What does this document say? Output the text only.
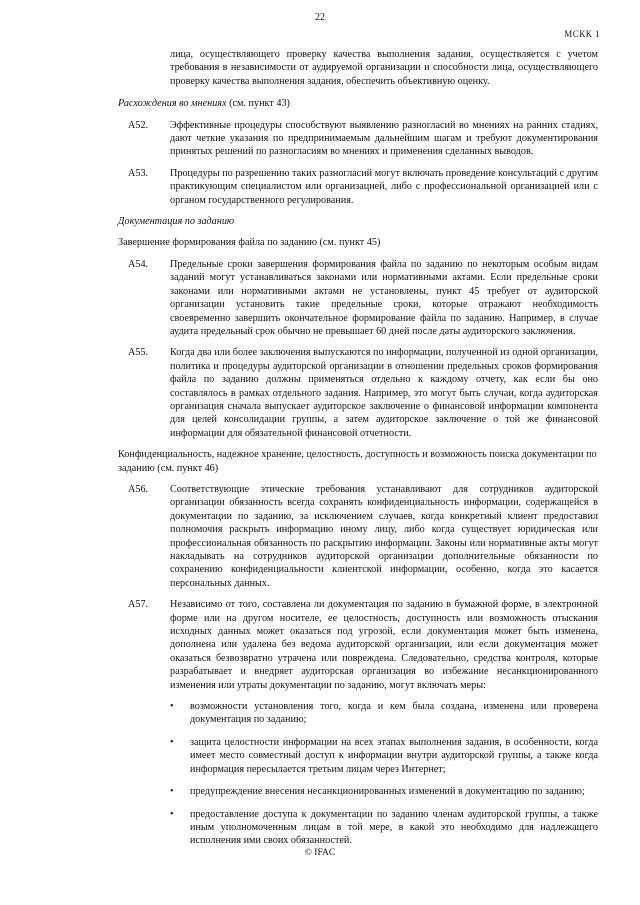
22
МСКК 1
лица, осуществляющего проверку качества выполнения задания, осуществляется с учетом требования в независимости от аудируемой организации и способности лица, осуществляющего проверку качества выполнения задания, обеспечить объективную оценку.
Расхождения во мнениях (см. пункт 43)
A52.	Эффективные процедуры способствуют выявлению разногласий во мнениях на ранних стадиях, дают четкие указания по предпринимаемым дальнейшим шагам и требуют документирования принятых решений по разногласиям во мнениях и применения сделанных выводов.
A53.	Процедуры по разрешению таких разногласий могут включать проведение консультаций с другим практикующим специалистом или организацией, либо с профессиональной организацией или с органом государственного регулирования.
Документация по заданию
Завершение формирования файла по заданию (см. пункт 45)
A54.	Предельные сроки завершения формирования файла по заданию по некоторым особым видам заданий могут устанавливаться законами или нормативными актами. Если предельные сроки законами или нормативными актами не установлены, пункт 45 требует от аудиторской организации установить такие предельные сроки, которые отражают необходимость своевременно завершить окончательное формирование файла по заданию. Например, в случае аудита предельный срок обычно не превышает 60 дней после даты аудиторского заключения.
A55.	Когда два или более заключения выпускаются по информации, полученной из одной организации, политика и процедуры аудиторской организации в отношении предельных сроков формирования файла по заданию должны применяться отдельно к каждому отчету, как если бы оно составлялось в рамках отдельного задания. Например, это могут быть случаи, когда аудиторская организация сначала выпускает аудиторское заключение о финансовой информации компонента для целей консолидации группы, а затем аудиторское заключение о той же финансовой информации для обязательной финансовой отчетности.
Конфиденциальность, надежное хранение, целостность, доступность и возможность поиска документации по заданию (см. пункт 46)
A56.	Соответствующие этические требования устанавливают для сотрудников аудиторской организации обязанность всегда сохранять конфиденциальность информации, содержащейся в документации по заданию, за исключением случаев, когда конкретный клиент предоставил полномочия раскрыть информацию иному лицу, либо когда существует юридическая или профессиональная обязанность по раскрытию информации. Законы или нормативные акты могут накладывать на сотрудников аудиторской организации дополнительные обязанности по сохранению конфиденциальности клиентской информации, особенно, когда это касается персональных данных.
A57.	Независимо от того, составлена ли документация по заданию в бумажной форме, в электронной форме или на другом носителе, ее целостность, доступность или возможность отыскания исходных данных может оказаться под угрозой, если документация может быть изменена, дополнена или удалена без ведома аудиторской организации, или если документация может оказаться безвозвратно утрачена или повреждена. Следовательно, средства контроля, которые разрабатывает и внедряет аудиторская организация во избежание несанкционированного изменения или утраты документации по заданию, могут включать меры:
•	возможности установления того, когда и кем была создана, изменена или проверена документация по заданию;
•	защита целостности информации на всех этапах выполнения задания, в особенности, когда имеет место совместный доступ к информации внутри аудиторской группы, а также когда информация пересылается третьим лицам через Интернет;
•	предупреждение внесения несанкционированных изменений в документацию по заданию;
•	предоставление доступа к документации по заданию членам аудиторской группы, а также иным уполномоченным лицам в той мере, в какой это необходимо для надлежащего исполнения ими своих обязанностей.
© IFAC
